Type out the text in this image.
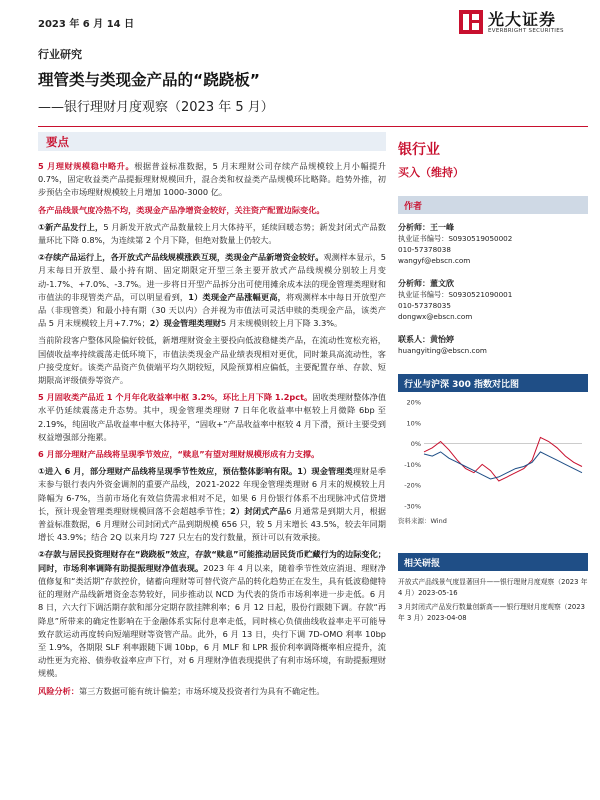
2023 年 6 月 14 日	光大证券
EVERBRIGHT SECURITIES
行业研究
理管类与类现金产品的“跷跷板”
——银行理财月度观察（2023 年 5 月）
要点

5 月理财规模稳中略升。根据普益标准数据，5 月末理财公司存续产品规模较上月小幅提升 0.7%，固定收益类产品提振理财规模回升，混合类和权益类产品规模环比略降。趋势外推，初步预估全市场理财规模较上月增加 1000-3000 亿。

各产品线景气度冷热不均，类现金产品净增资金较好，关注资产配置边际变化。

①新产品发行上，5 月新发开放式产品数量较上月大体持平，延续回暖态势；新发封闭式产品数量环比下降 0.8%，为连续第 2 个月下降，但绝对数量上仍较大。

②存续产品运行上，各开放式产品线规模涨跌互现，类现金产品新增资金较好。观测样本显示，5 月末每日开放型、最小持有期、固定期限定开型三条主要开放式产品线规模分别较上月变动-1.7%、+7.0%、-3.7%。进一步将日开型产品拆分出可使用摊余成本法的现金管理类理财和市值法的非现管类产品，可以明显看到，1）类现金产品涨幅更高，将观测样本中每日开放型产品（非现管类）和最小持有期（30 天以内）合并视为市值法可灵活申赎的类现金产品，该类产品 5 月末规模较上月+7.7%；2）现金管理类理财5 月末规模则较上月下降 3.3%。

当前阶段客户整体风险偏好较低，新增理财资金主要投向低波稳健类产品，在流动性宽松充裕，国债收益率持续震荡走低环境下，市值法类现金产品业绩表现相对更优，同时兼具高流动性，客户接受度好。该类产品资产负债端平均久期较短，风险预算相应偏低，主要配置存单、存款、短期限高评级债券等资产。

5 月固收类产品近 1 个月年化收益率中枢 3.2%，环比上月下降 1.2pct。固收类理财整体净值水平仍延续震荡走升态势。其中，现金管理类理财 7 日年化收益率中枢较上月微降 6bp 至 2.19%，纯固收产品收益率中枢大体持平，“固收+”产品收益率中枢较 4 月下滑，预计主要受到权益增强部分拖累。

6 月部分理财产品线将呈现季节效应，“赎息”有望对理财规模形成有力支撑。

①进入 6 月，部分理财产品线将呈现季节性效应，预估整体影响有限。1）现金管理类理财是季末参与银行表内外资金调剂的重要产品线，2021-2022 年现金管理类理财 6 月末的规模较上月降幅为 6-7%，当前市场化有效信贷需求相对不足，如果 6 月份银行体系不出现脉冲式信贷增长，预计现金管理类理财规模回落不会超越季节性；2）封闭式产品6 月通常是到期大月，根据普益标准数据，6 月理财公司封闭式产品到期规模 656 只，较 5 月末增长 43.5%，较去年同期增长 43.9%；结合 2Q 以来月均 727 只左右的发行数量，预计可以有效承接。

②存款与居民投资理财存在“跷跷板”效应，存款“赎息”可能推动居民货币贮藏行为的边际变化；同时，市场利率调降有助提振理财净值表现。2023 年 4 月以来，随着季节性效应消退、理财净值修复和“类活期”存款控价，储蓄向理财等可替代资产品的转化趋势正在发生，具有低波稳健特征的理财产品线新增资金态势较好，同步推动以 NCD 为代表的货币市场利率进一步走低。6 月 8 日，六大行下调活期存款和部分定期存款挂牌利率；6 月 12 日起，股份行跟随下调。存款“再降息”所带来的确定性影响在于金融体系实际付息率走低，同时核心负债曲线收益率走平可能导致存款运动再度转向短端理财等资管产品。此外，6 月 13 日，央行下调 7D-OMO 利率 10bp 至 1.9%，各期限 SLF 利率跟随下调 10bp，6 月 MLF 和 LPR 报价利率调降概率相应提升，流动性更为充裕、债券收益率应声下行，对 6 月理财净值表现提供了有利市场环境，有助提振理财规模。

风险分析：第三方数据可能有统计偏差；市场环境及投资者行为具有不确定性。

银行业
买入（维持）
作者
分析师：王一峰
执业证书编号：S0930519050002
010-57378038
wangyf@ebscn.com
分析师：董文欣
执业证书编号：S0930521090001
010-57378035
dongwx@ebscn.com
联系人：黄怡婷
huangyiting@ebscn.com
行业与沪深 300 指数对比图
20%
10%
0%
-10%
-20%
-30%
资料来源：Wind
相关研报

开放式产品线景气度显著回升——银行理财月度观察（2023 年 4 月）2023-05-16

3 月封闭式产品发行数量创新高——银行理财月度观察（2023 年 3 月）2023-04-08
